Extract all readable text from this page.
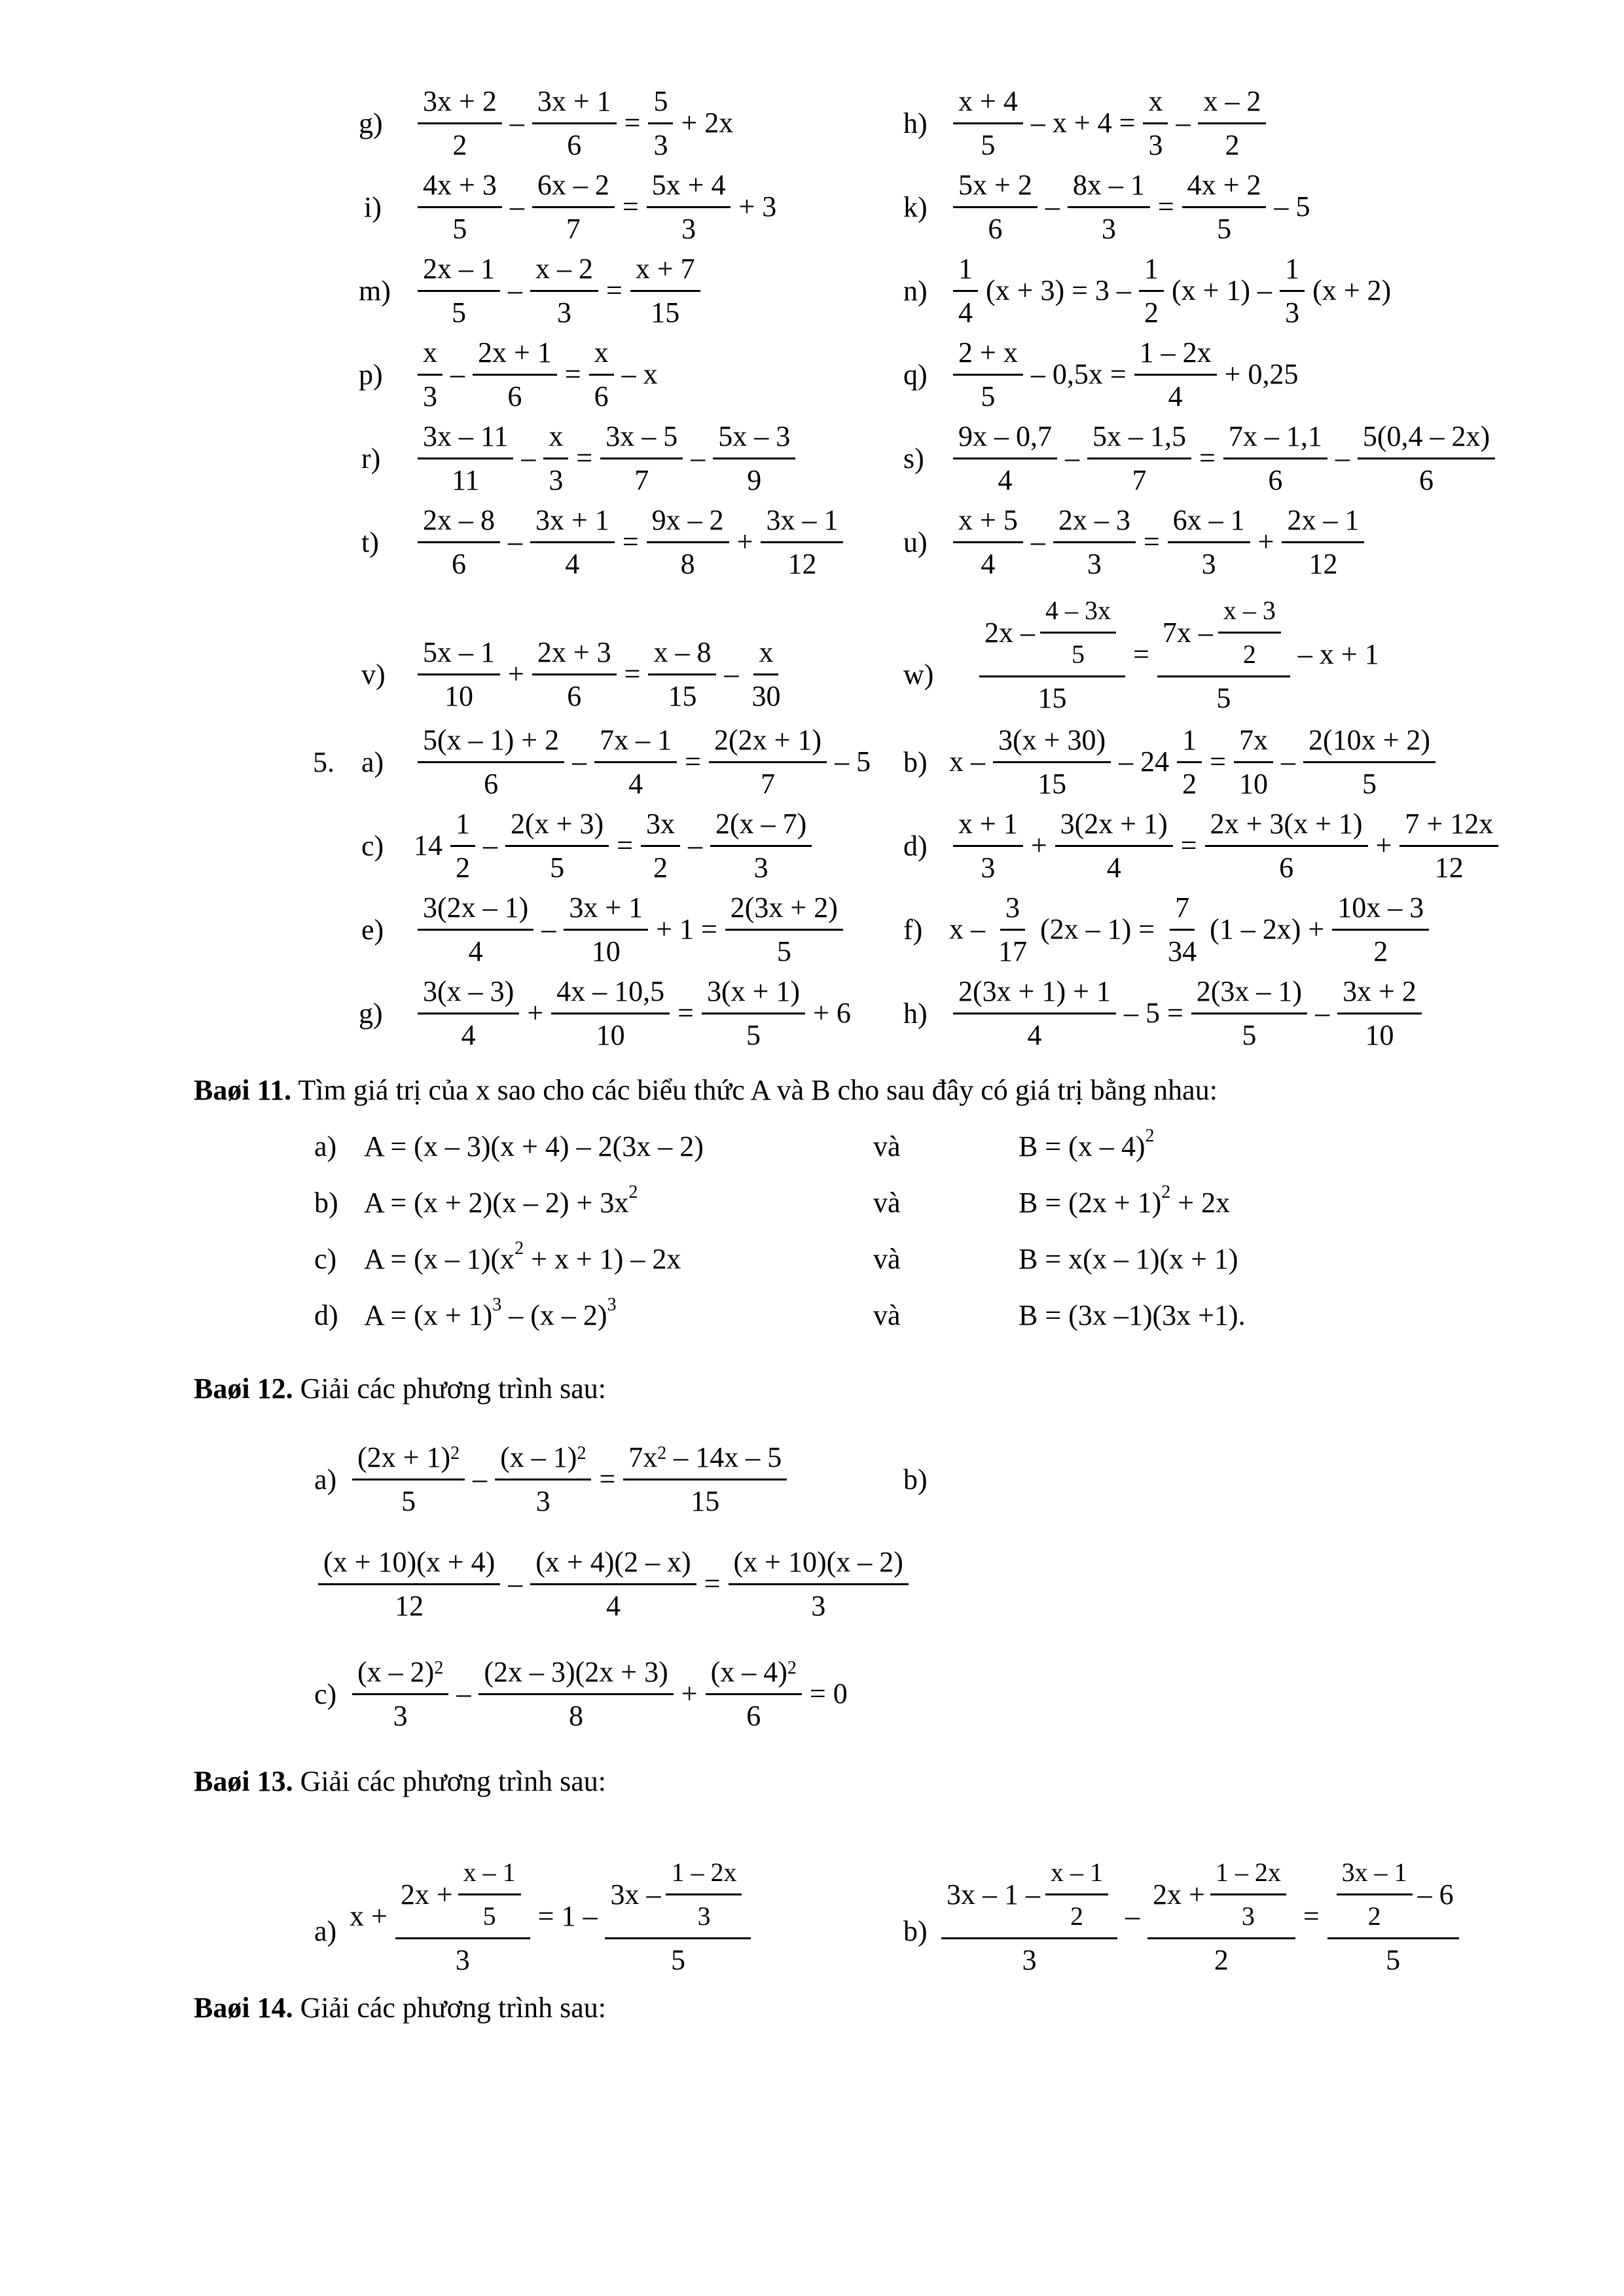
$g) \frac{3x + 2}{2} - \frac{3x + 1}{6} = \frac{5}{3} + 2x$	$h) \frac{x + 4}{5} - x + 4 = \frac{x}{3} - \frac{x - 2}{2}$
$i) \frac{4x + 3}{5} - \frac{6x - 2}{7} = \frac{5x + 4}{3} + 3$	$k) \frac{5x + 2}{6} - \frac{8x - 1}{3} = \frac{4x + 2}{5} - 5$
$m) \frac{2x - 1}{5} - \frac{x - 2}{3} = \frac{x + 7}{15}$	$n) \frac{1}{4} (x + 3) = 3 - \frac{1}{2} (x + 1) - \frac{1}{3} (x + 2)$
$p) \frac{x}{3} - \frac{2x + 1}{6} = \frac{x}{6} - x$	$q) \frac{2 + x}{5} - 0,5x = \frac{1 - 2x}{4} + 0,25$
$r) \frac{3x - 11}{11} - \frac{x}{3} = \frac{3x - 5}{7} - \frac{5x - 3}{9}$	$s) \frac{9x - 0,7}{4} - \frac{5x - 1,5}{7} = \frac{7x - 1,1}{6} - \frac{5(0,4 - 2x)}{6}$
$t) \frac{2x - 8}{6} - \frac{3x + 1}{4} = \frac{9x - 2}{8} + \frac{3x - 1}{12} u) \frac{x + 5}{4} - \frac{2x - 3}{3} = \frac{6x - 1}{3} + \frac{2x - 1}{12}$
$v) \frac{5x - 1}{10} + \frac{2x + 3}{6} = \frac{x - 8}{15} - \frac{x}{30}$	$w) \frac{2x - \frac{4 - 3x}{5}}{15} = \frac{7x - \frac{x - 3}{2}}{5} - x + 1$
5. $a) \frac{5(x - 1) + 2}{6} - \frac{7x - 1}{4} = \frac{2(2x + 1)}{7} - 5$ b) $x - \frac{3(x + 30)}{15} - 24 \frac{1}{2} = \frac{7x}{10} - \frac{2(10x + 2)}{5}$
c) $14 \frac{1}{2} - \frac{2(x + 3)}{5} = \frac{3x}{2} - \frac{2(x - 7)}{3}$	$d) \frac{x + 1}{3} + \frac{3(2x + 1)}{4} = \frac{2x + 3(x + 1)}{6} + \frac{7 + 12x}{12}$
$e) \frac{3(2x - 1)}{4} - \frac{3x + 1}{10} + 1 = \frac{2(3x + 2)}{5} f$) $x - \frac{3}{17} (2x - 1) = \frac{7}{34} (1 - 2x) + \frac{10x - 3}{2}$
$g) \frac{3(x - 3)}{4} + \frac{4x - 10,5}{10} = \frac{3(x + 1)}{5} + 6$ $h) \frac{2(3x + 1) + 1}{4} - 5 = \frac{2(3x - 1)}{5} - \frac{3x + 2}{10}$
Baøi 11. Tìm giá trị của x sao cho các biểu thức A và B cho sau đây có giá trị bằng nhau:
a) A = (x – 3)(x + 4) – 2(3x – 2)	và	B = (x – 4)$^2$
b) $A = (x + 2)(x - 2) + 3x^2$	và	$B = (2x + 1)^2 + 2x$
c) $A = (x - 1)(x^2 + x + 1) - 2x$	và	B = x(x – 1)(x + 1)
d) $A = (x + 1)^3 - (x - 2)^3$	và	B = (3x –1)(3x +1).
Baøi 12. Giải các phương trình sau:
$a) \frac{(2x + 1)^2}{5} - \frac{(x - 1)^2}{3} = \frac{7x^2 - 14x - 5}{15}$	b)
$\frac{(x + 10)(x + 4)}{12} - \frac{(x + 4)(2 - x)}{4} = \frac{(x + 10)(x - 2)}{3}$
$c) \frac{(x - 2)^2}{3} - \frac{(2x - 3)(2x + 3)}{8} + \frac{(x - 4)^2}{6} = 0$
Baøi 13. Giải các phương trình sau:
a) $x + \frac{2x + \frac{x - 1}{5}}{3} = 1 - \frac{3x - \frac{1 - 2x}{3}}{5}$	$b) \frac{3x - 1 - \frac{x - 1}{2}}{3} - \frac{2x + \frac{1 - 2x}{3}}{2} = \frac{\frac{3x - 1}{2} - 6}{5}$
Baøi 14. Giải các phương trình sau:
